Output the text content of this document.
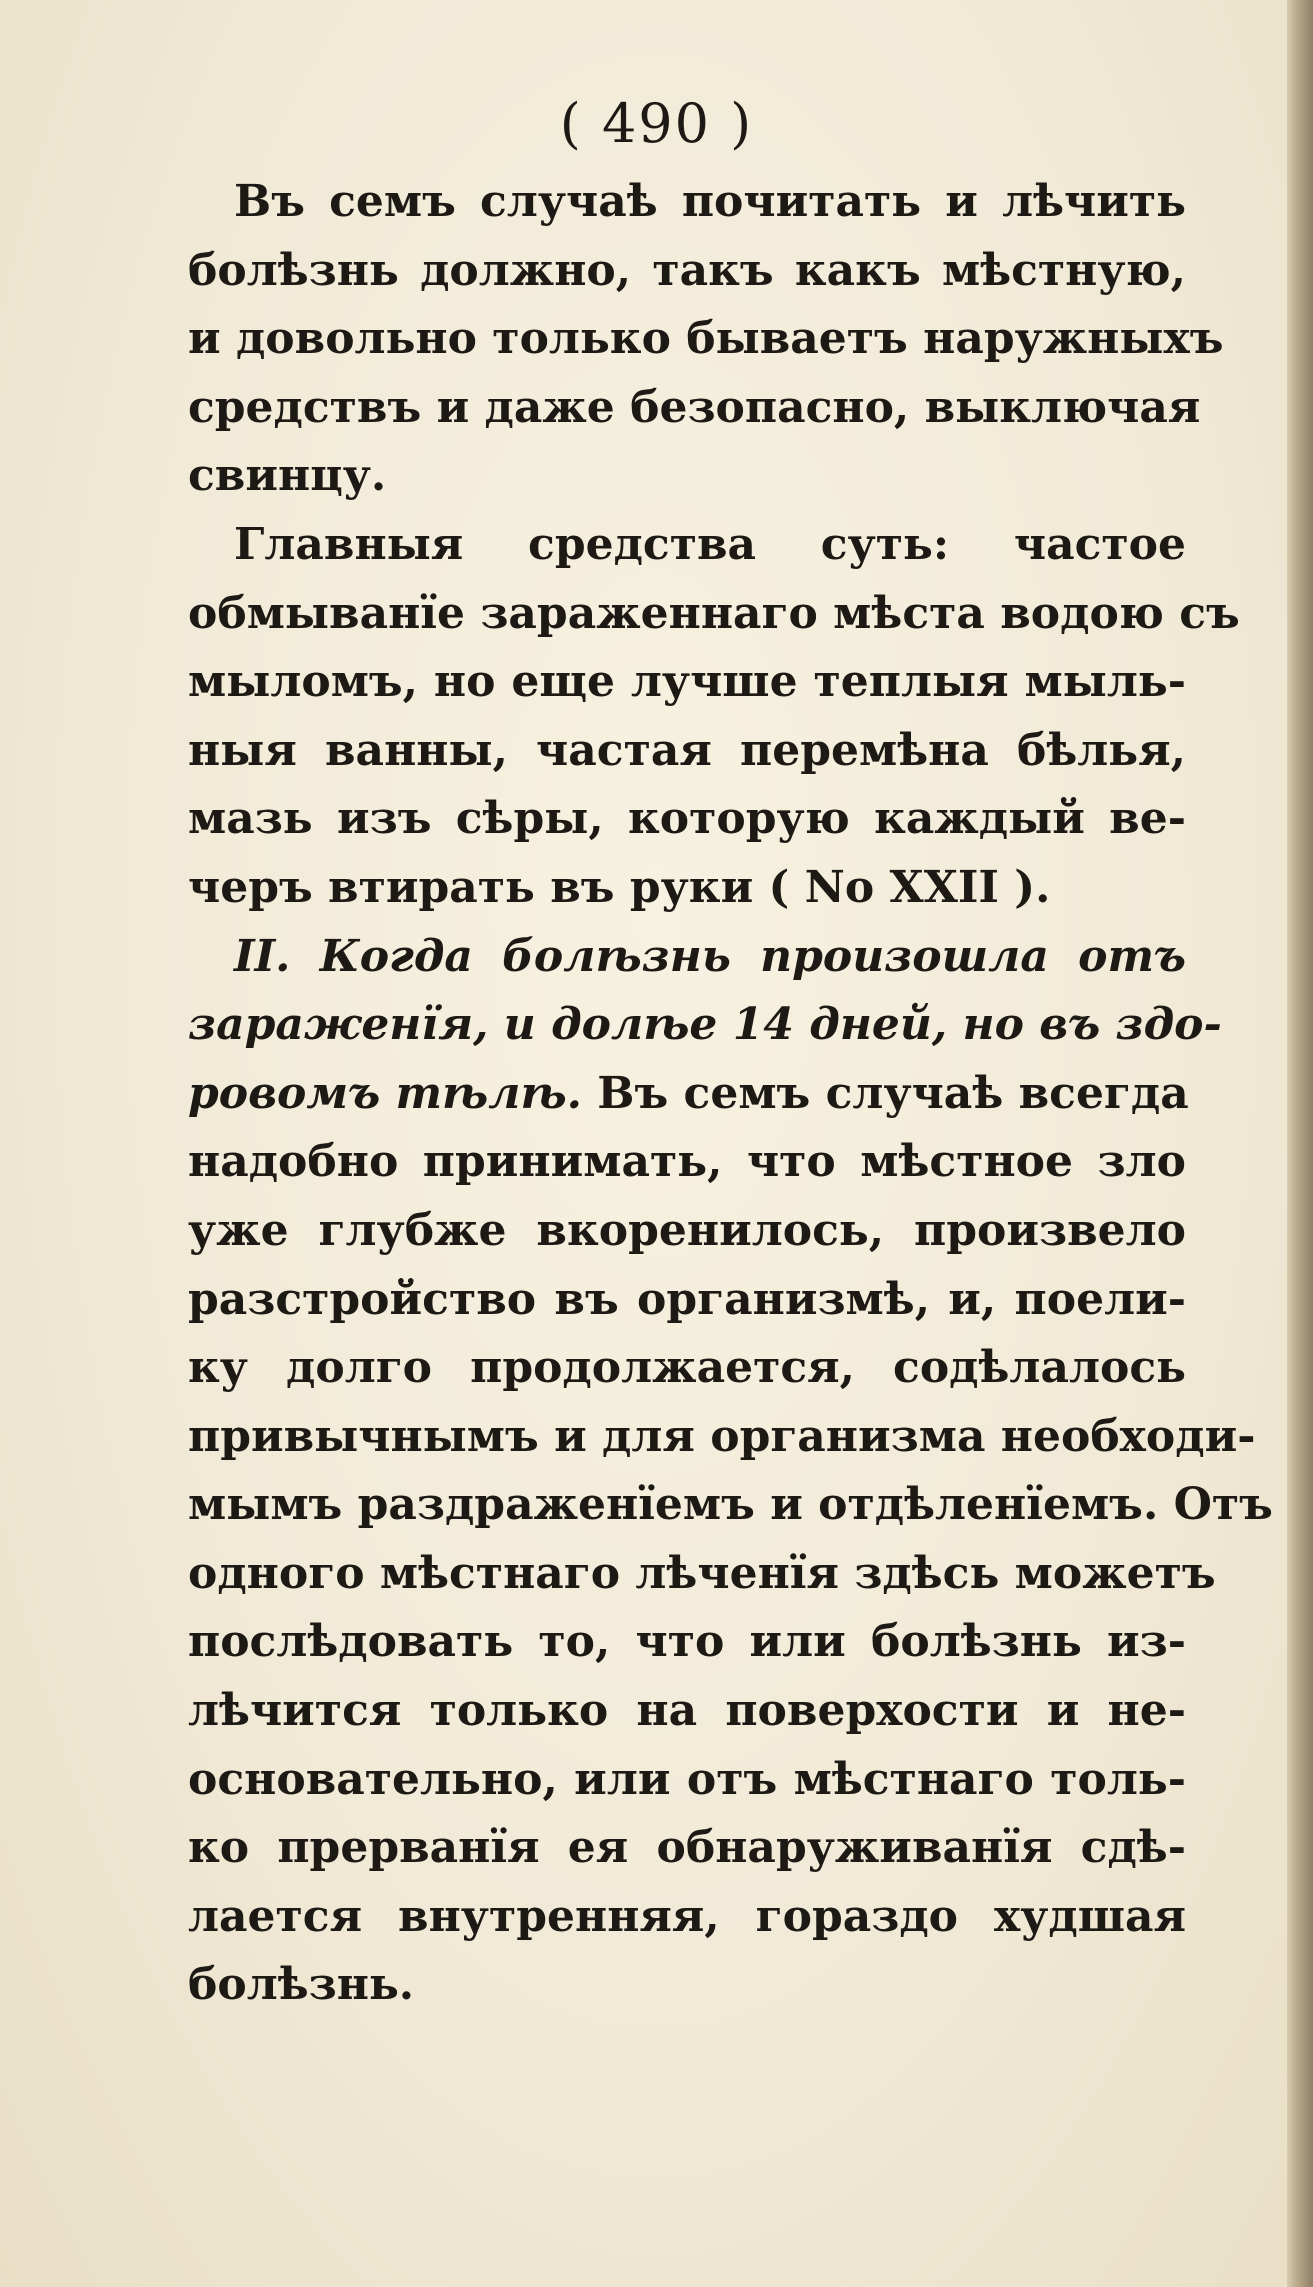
( 490 )
Въ семъ случаѣ почитать и лѣчить
болѣзнь должно, такъ какъ мѣстную,
и довольно только бываетъ наружныхъ
средствъ и даже безопасно, выключая
свинцу.
Главныя средства суть: частое
обмыванïе зараженнаго мѣста водою съ
мыломъ, но еще лучше теплыя мыль-
ныя ванны, частая перемѣна бѣлья,
мазь изъ сѣры, которую каждый ве-
черъ втирать въ руки ( No XXII ).
II. Когда болѣзнь произошла отъ
зараженïя, и долѣе 14 дней, но въ здо-
ровомъ тѣлѣ. Въ семъ случаѣ всегда
надобно принимать, что мѣстное зло
уже глубже вкоренилось, произвело
разстройство въ организмѣ, и, поели-
ку долго продолжается, содѣлалось
привычнымъ и для организма необходи-
мымъ раздраженïемъ и отдѣленïемъ. Отъ
одного мѣстнаго лѣченïя здѣсь можетъ
послѣдовать то, что или болѣзнь из-
лѣчится только на поверхости и не-
основательно, или отъ мѣстнаго толь-
ко прерванïя ея обнаруживанïя сдѣ-
лается внутренняя, гораздо худшая
болѣзнь.
